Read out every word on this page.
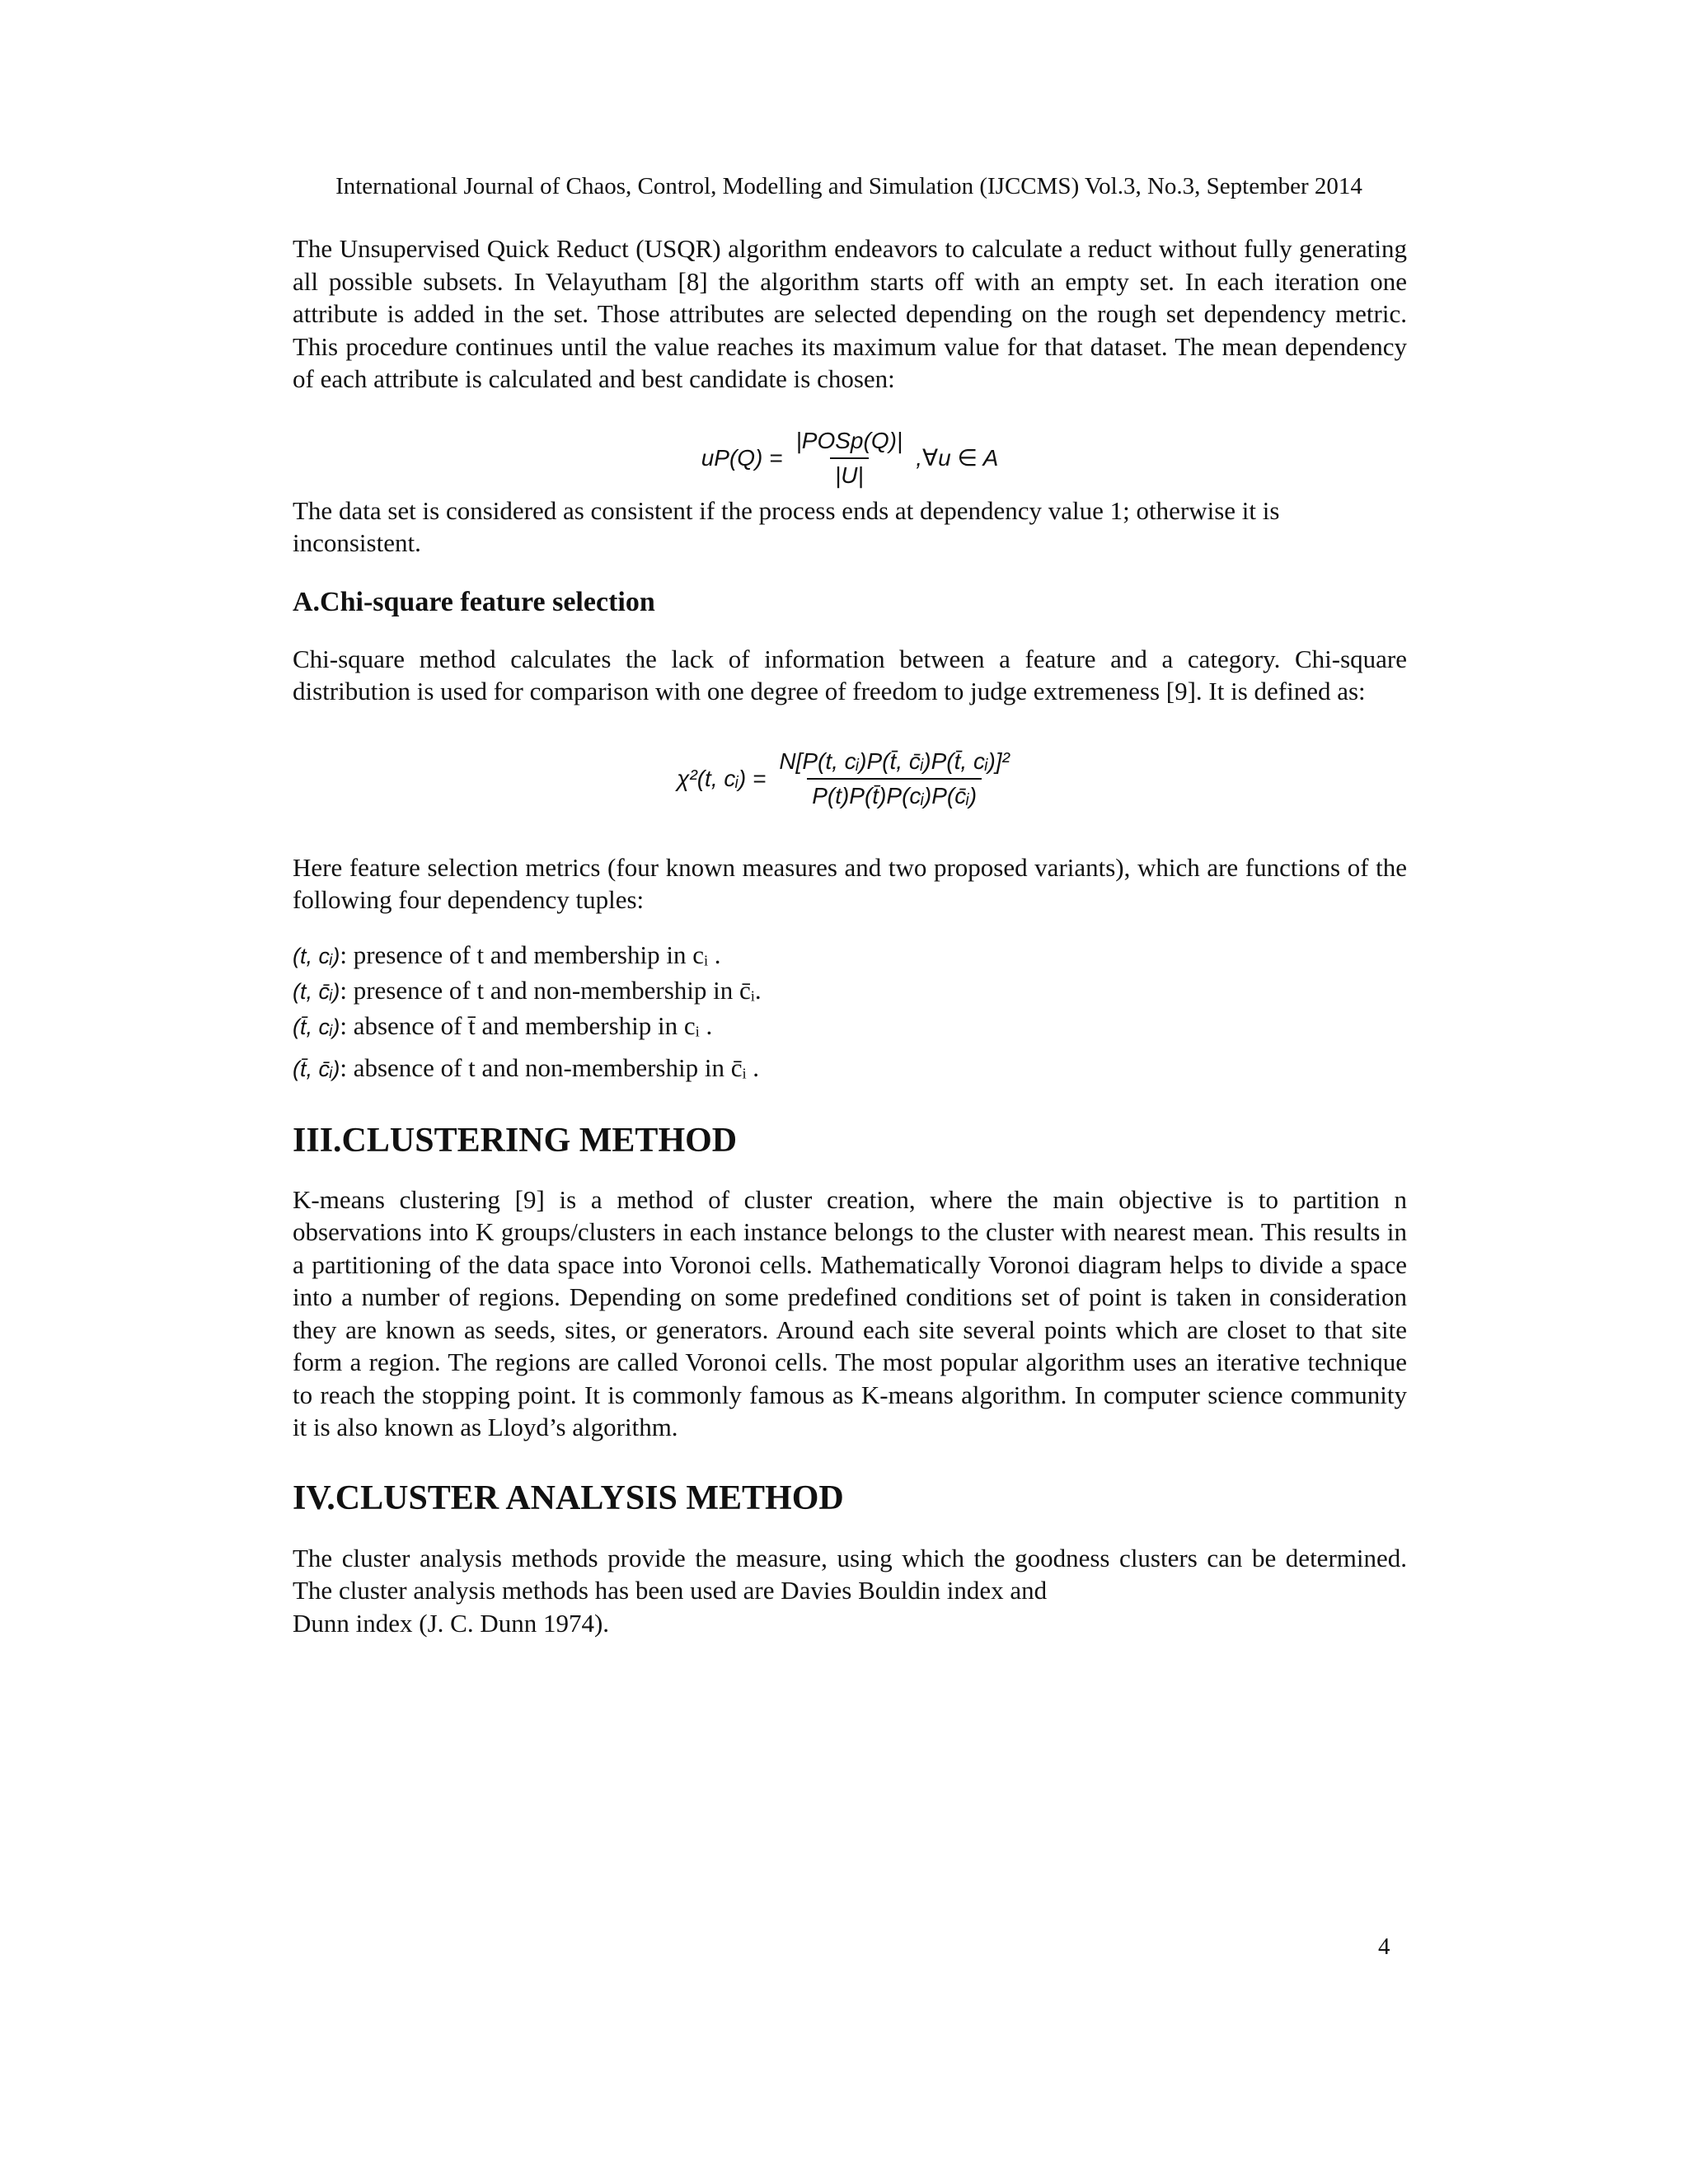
International Journal of Chaos, Control, Modelling and Simulation (IJCCMS) Vol.3, No.3, September 2014

The Unsupervised Quick Reduct (USQR) algorithm endeavors to calculate a reduct without fully generating all possible subsets. In Velayutham [8] the algorithm starts off with an empty set. In each iteration one attribute is added in the set. Those attributes are selected depending on the rough set dependency metric. This procedure continues until the value reaches its maximum value for that dataset. The mean dependency of each attribute is calculated and best candidate is chosen:

$uP(Q) = \frac{\text{|POSp(Q)|}}{|U|}$ ,∀u ∈ A

The data set is considered as consistent if the process ends at dependency value 1; otherwise it is inconsistent.

A.Chi-square feature selection

Chi-square method calculates the lack of information between a feature and a category. Chi-square distribution is used for comparison with one degree of freedom to judge extremeness [9]. It is defined as:

χ²(t, cᵢ) = $\frac{\text{N[P(t, cᵢ)P(t̄, c̄ᵢ)P(t̄, cᵢ)]²}}{\text{P(t)P(t̄)P(cᵢ)P(c̄ᵢ)}}$

Here feature selection metrics (four known measures and two proposed variants), which are functions of the following four dependency tuples:

(t, cᵢ): presence of t and membership in cᵢ .
(t, c̄ᵢ): presence of t and non-membership in c̄ᵢ.
(t̄, cᵢ): absence of t̄ and membership in cᵢ .
(t̄, c̄ᵢ): absence of t and non-membership in c̄ᵢ .
III.CLUSTERING METHOD

K-means clustering [9] is a method of cluster creation, where the main objective is to partition n observations into K groups/clusters in each instance belongs to the cluster with nearest mean. This results in a partitioning of the data space into Voronoi cells. Mathematically Voronoi diagram helps to divide a space into a number of regions. Depending on some predefined conditions set of point is taken in consideration they are known as seeds, sites, or generators. Around each site several points which are closet to that site form a region. The regions are called Voronoi cells. The most popular algorithm uses an iterative technique to reach the stopping point. It is commonly famous as K-means algorithm. In computer science community it is also known as Lloyd’s algorithm.

IV.CLUSTER ANALYSIS METHOD

The cluster analysis methods provide the measure, using which the goodness clusters can be determined. The cluster analysis methods has been used are Davies Bouldin index and

Dunn index (J. C. Dunn 1974).

4
